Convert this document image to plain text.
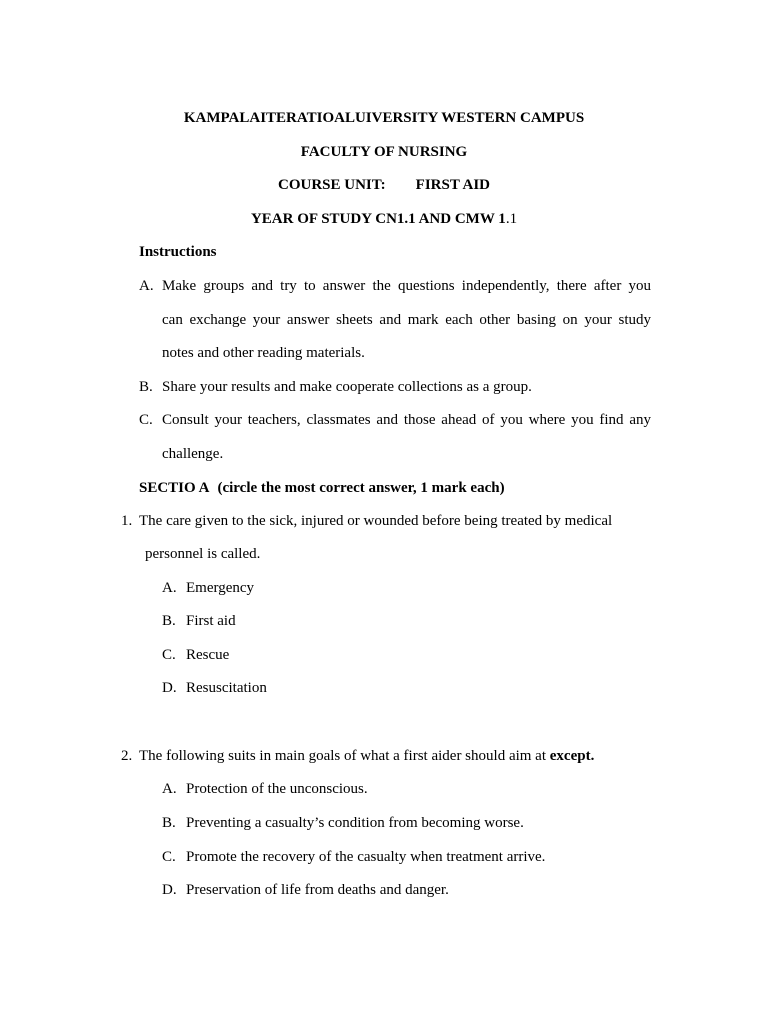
KAMPALAITERATIOALUIVERSITY WESTERN CAMPUS
FACULTY OF NURSING
COURSE UNIT: FIRST AID
YEAR OF STUDY CN1.1 AND CMW 1.1
Instructions
A. Make groups and try to answer the questions independently, there after you
can exchange your answer sheets and mark each other basing on your study
notes and other reading materials.
B. Share your results and make cooperate collections as a group.
C. Consult your teachers, classmates and those ahead of you where you find any
challenge.
SECTIO A (circle the most correct answer, 1 mark each)
1. The care given to the sick, injured or wounded before being treated by medical
personnel is called.
A. Emergency
B. First aid
C. Rescue
D. Resuscitation
2. The following suits in main goals of what a first aider should aim at except.
A. Protection of the unconscious.
B. Preventing a casualty’s condition from becoming worse.
C. Promote the recovery of the casualty when treatment arrive.
D. Preservation of life from deaths and danger.
